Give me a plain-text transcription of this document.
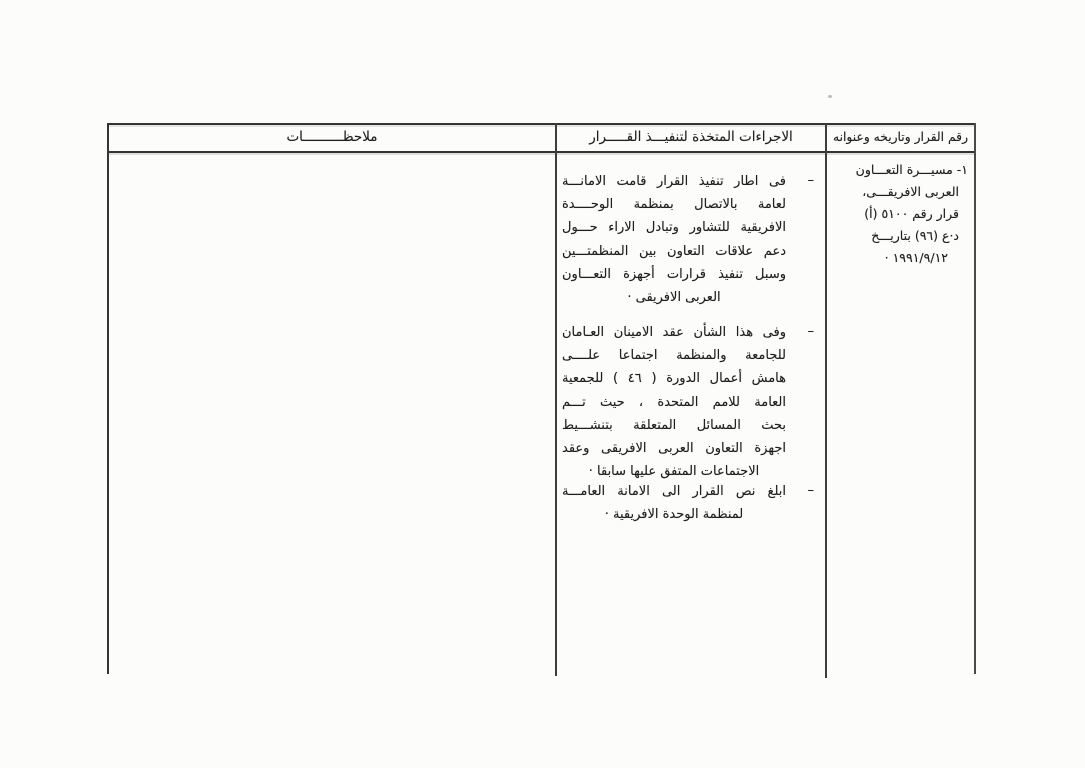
ملاحظــــــــــات	الاجراءات المتخذة لتنفيـــذ القـــــرار	رقم القرار وتاريخه وعنوانه
١- مسيـــرة التعـــاون
العربى الافريقـــى،
قرار رقم ٥١٠٠ (أ)
د·ع (٩٦) بتاريـــخ
١٩٩١/٩/١٢ ·
–
فى اطار تنفيذ القرار قامت الامانـــة
لعامة بالاتصال بمنظمة الوحــــدة
الافريقية للتشاور وتبادل الاراء حـــول
دعم علاقات التعاون بين المنظمتـــين
وسبل تنفيذ قرارات أجهزة التعـــاون
العربى الافريقى ·
–
وفى هذا الشأن عقد الامينان العـامان
للجامعة والمنظمة اجتماعا علــــى
هامش أعمال الدورة ( ٤٦ ) للجمعية
العامة للامم المتحدة ، حيث تـــم
بحث المسائل المتعلقة بتنشـــيط
اجهزة التعاون العربى الافريقى وعقد
الاجتماعات المتفق عليها سابقا ·
–
ابلغ نص القرار الى الامانة العامـــة
لمنظمة الوحدة الافريقية ·
